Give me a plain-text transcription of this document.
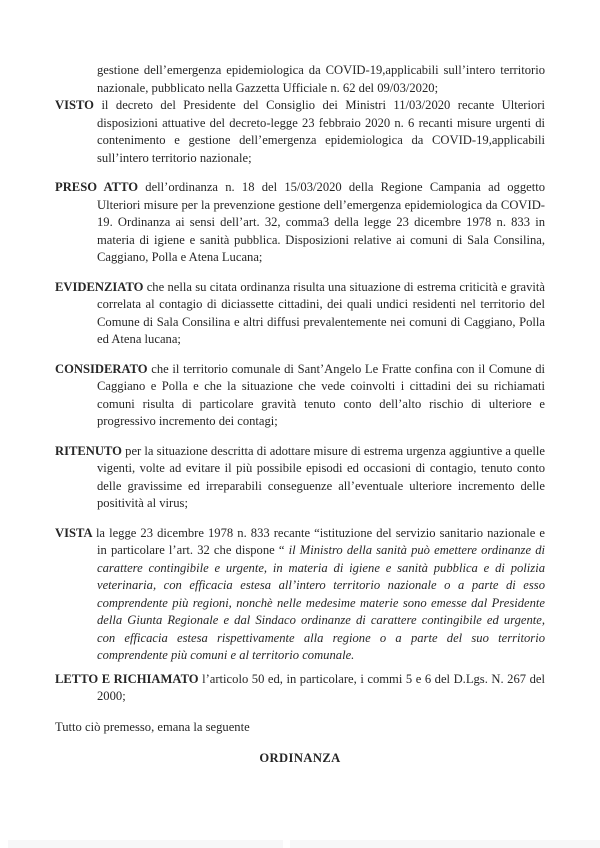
gestione dell’emergenza epidemiologica da COVID-19,applicabili sull’intero territorio nazionale, pubblicato nella Gazzetta Ufficiale n. 62 del 09/03/2020;

VISTO il decreto del Presidente del Consiglio dei Ministri 11/03/2020 recante Ulteriori disposizioni attuative del decreto-legge 23 febbraio 2020 n. 6 recanti misure urgenti di contenimento e gestione dell’emergenza epidemiologica da COVID-19,applicabili sull’intero territorio nazionale;

PRESO ATTO dell’ordinanza n. 18 del 15/03/2020 della Regione Campania ad oggetto Ulteriori misure per la prevenzione gestione dell’emergenza epidemiologica da COVID- 19. Ordinanza ai sensi dell’art. 32, comma3 della legge 23 dicembre 1978 n. 833 in materia di igiene e sanità pubblica. Disposizioni relative ai comuni di Sala Consilina, Caggiano, Polla e Atena Lucana;

EVIDENZIATO che nella su citata ordinanza risulta una situazione di estrema criticità e gravità correlata al contagio di diciassette cittadini, dei quali undici residenti nel territorio del Comune di Sala Consilina e altri diffusi prevalentemente nei comuni di Caggiano, Polla ed Atena lucana;

CONSIDERATO che il territorio comunale di Sant’Angelo Le Fratte confina con il Comune di Caggiano e Polla e che la situazione che vede coinvolti i cittadini dei su richiamati comuni risulta di particolare gravità tenuto conto dell’alto rischio di ulteriore e progressivo incremento dei contagi;

RITENUTO per la situazione descritta di adottare misure di estrema urgenza aggiuntive a quelle vigenti, volte ad evitare il più possibile episodi ed occasioni di contagio, tenuto conto delle gravissime ed irreparabili conseguenze all’eventuale ulteriore incremento delle positività al virus;

VISTA la legge 23 dicembre 1978 n. 833 recante “istituzione del servizio sanitario nazionale e in particolare l’art. 32 che dispone “ il Ministro della sanità può emettere ordinanze di carattere contingibile e urgente, in materia di igiene e sanità pubblica e di polizia veterinaria, con efficacia estesa all’intero territorio nazionale o a parte di esso comprendente più regioni, nonchè nelle medesime materie sono emesse dal Presidente della Giunta Regionale e dal Sindaco ordinanze di carattere contingibile ed urgente, con efficacia estesa rispettivamente alla regione o a parte del suo territorio comprendente più comuni e al territorio comunale.

LETTO E RICHIAMATO l’articolo 50 ed, in particolare, i commi 5 e 6 del D.Lgs. N. 267 del 2000;

Tutto ciò premesso, emana la seguente

ORDINANZA
